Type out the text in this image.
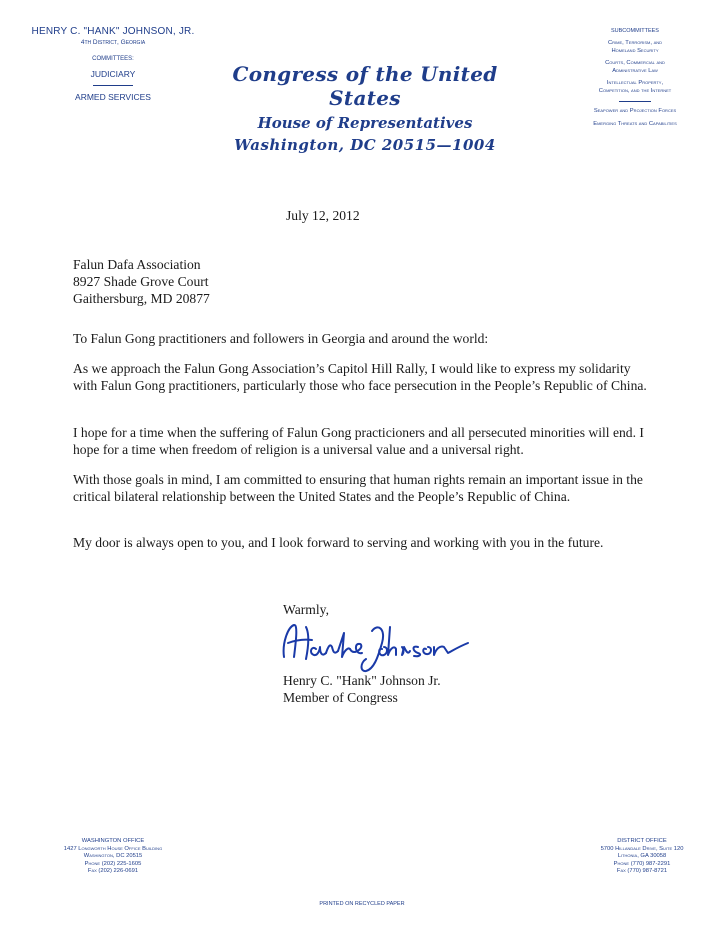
HENRY C. "HANK" JOHNSON, JR.
4th District, Georgia
COMMITTEES:
JUDICIARY
ARMED SERVICES
Congress of the United States
House of Representatives
Washington, DC 20515—1004
SUBCOMMITTEES
Crime, Terrorism, and
Homeland Security
Courts, Commercial and
Administrative Law
Intellectual Property,
Competition, and the Internet
Seapower and Projection Forces
Emerging Threats and Capabilities
July 12, 2012
Falun Dafa Association
8927 Shade Grove Court
Gaithersburg, MD 20877

To Falun Gong practitioners and followers in Georgia and around the world:

As we approach the Falun Gong Association’s Capitol Hill Rally, I would like to express my solidarity with Falun Gong practitioners, particularly those who face persecution in the People’s Republic of China.

I hope for a time when the suffering of Falun Gong practicioners and all persecuted minorities will end. I hope for a time when freedom of religion is a universal value and a universal right.

With those goals in mind, I am committed to ensuring that human rights remain an important issue in the critical bilateral relationship between the United States and the People’s Republic of China.

My door is always open to you, and I look forward to serving and working with you in the future.

Warmly,
Henry C. "Hank" Johnson Jr.
Member of Congress
WASHINGTON OFFICE
1427 Longworth House Office Building
Washington, DC 20515
Phone (202) 225-1605
Fax (202) 226-0691
DISTRICT OFFICE
5700 Hillandale Drive, Suite 120
Lithonia, GA 30058
Phone (770) 987-2291
Fax (770) 987-8721
PRINTED ON RECYCLED PAPER
